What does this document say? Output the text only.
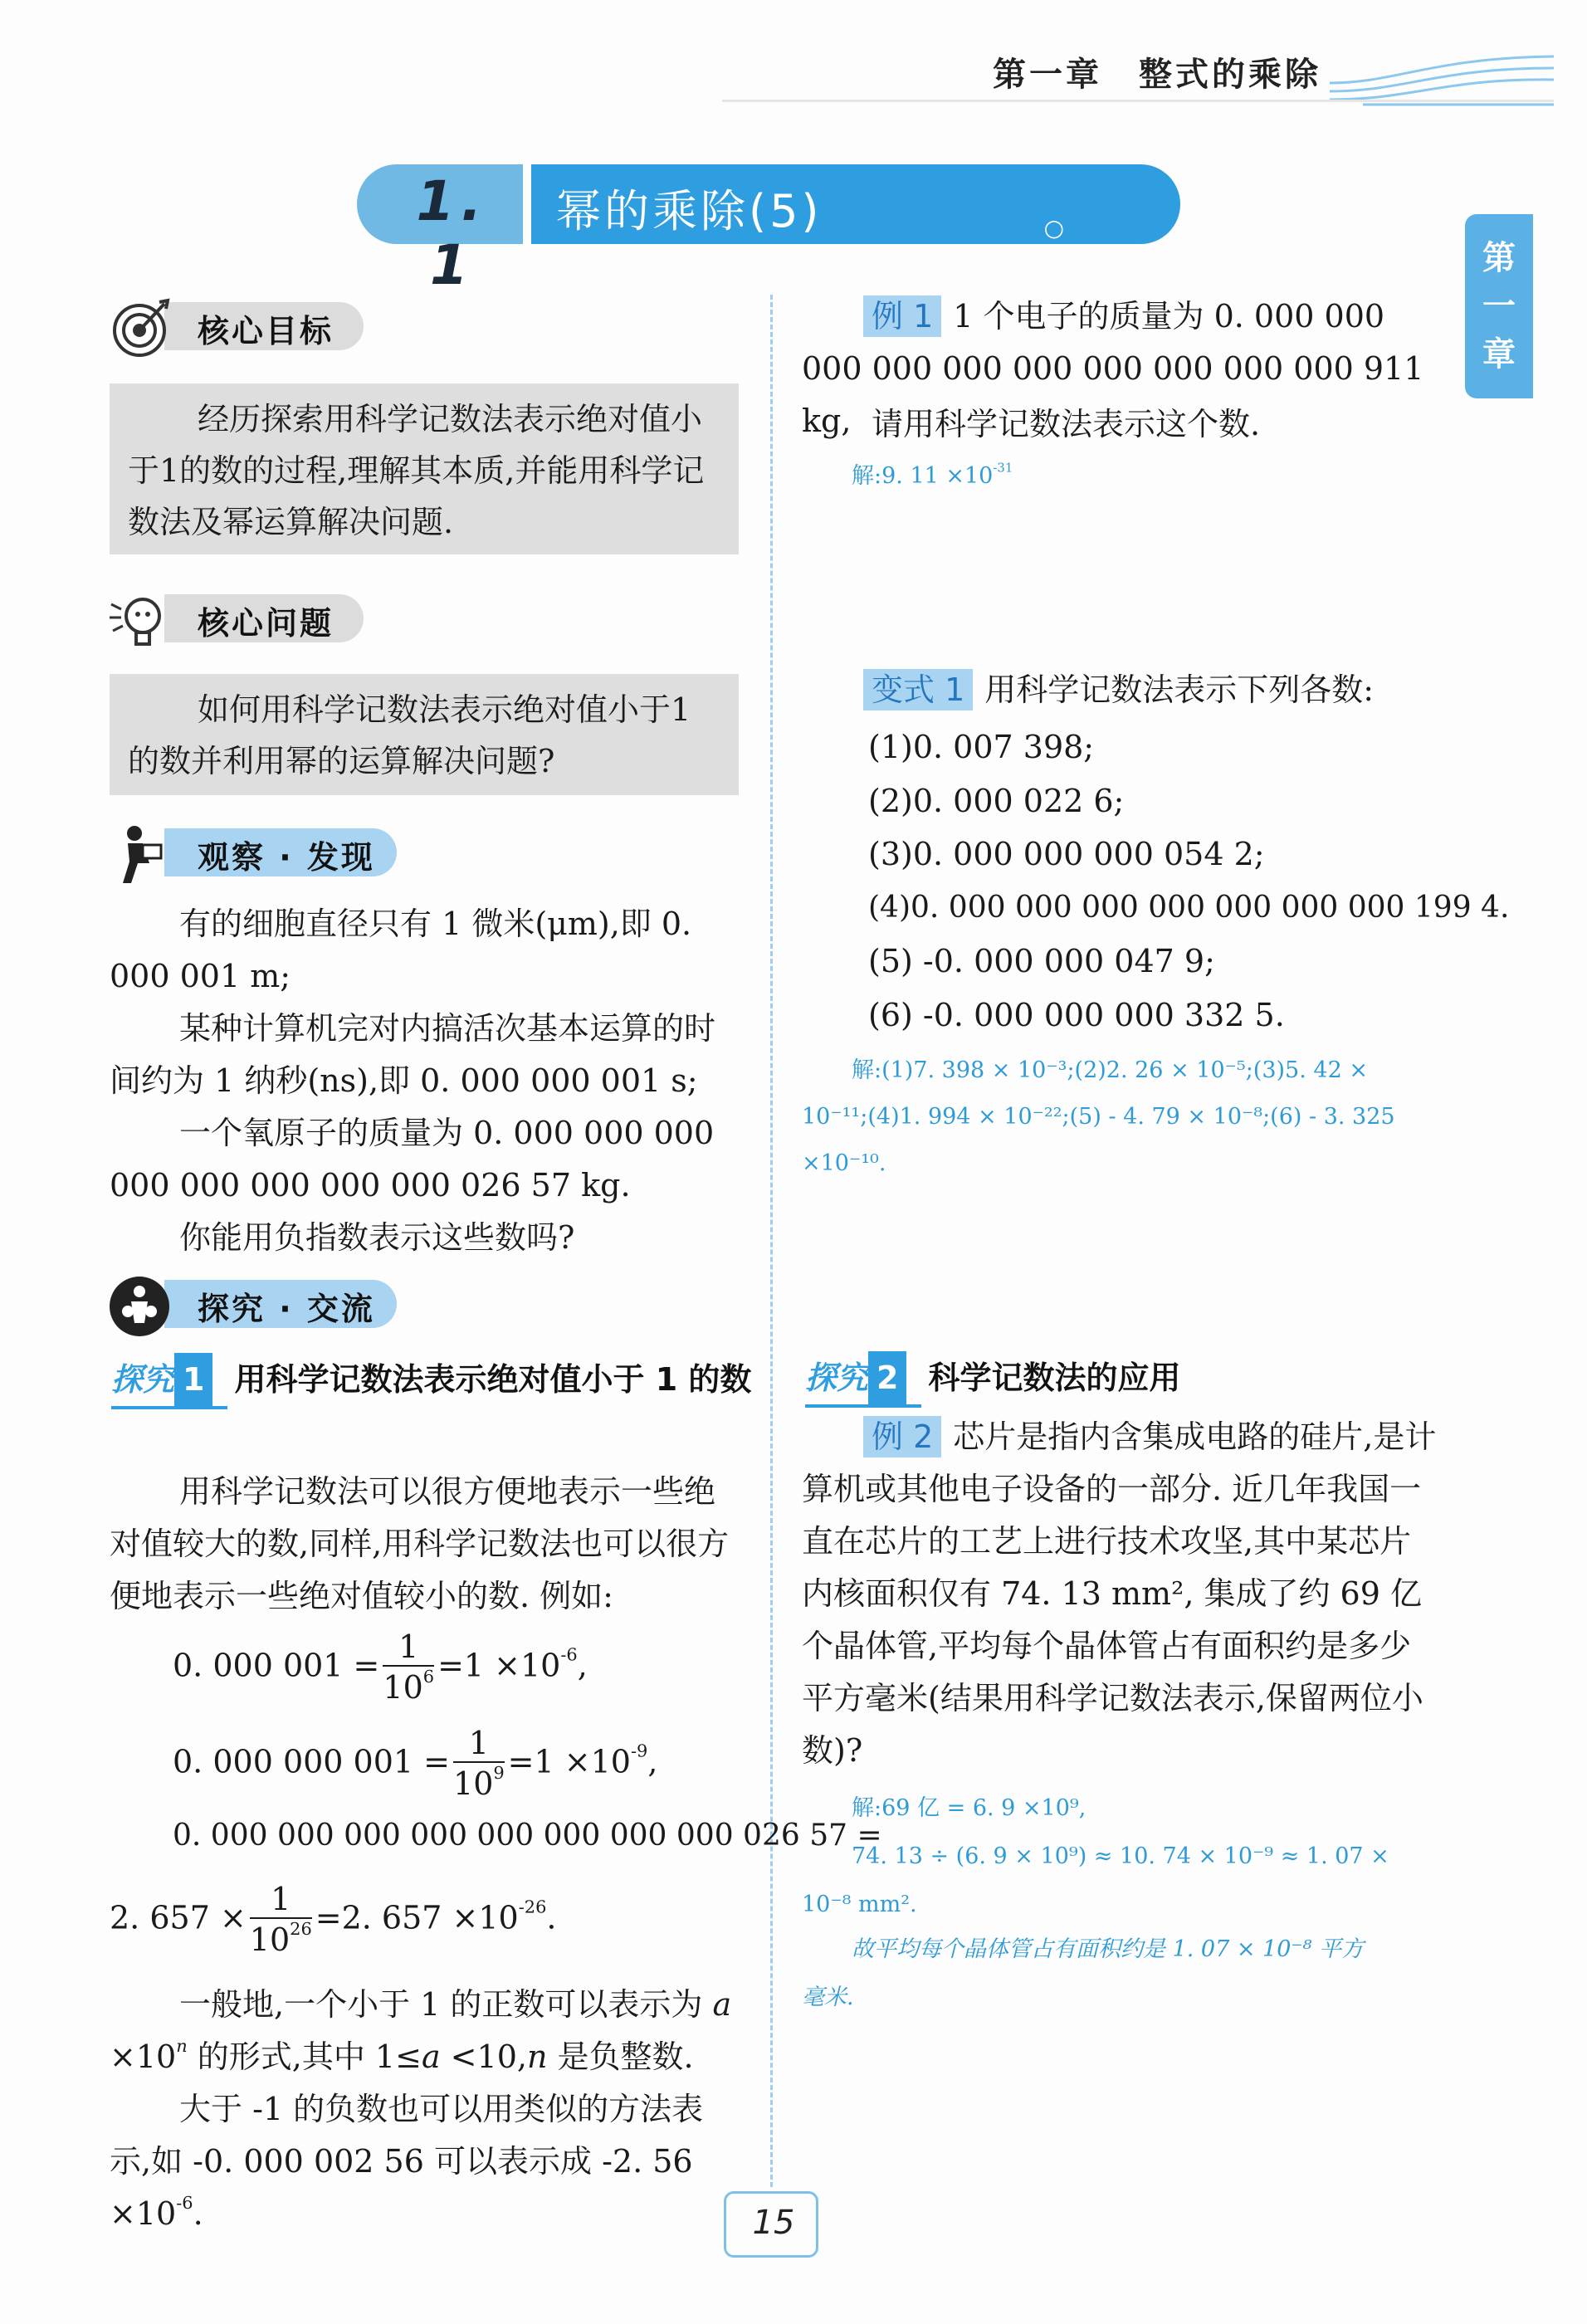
第一章　整式的乘除
第
一
章
1. 1
幂的乘除(5)	○
核心目标
经历探索用科学记数法表示绝对值小于1的数的过程,理解其本质,并能用科学记数法及幂运算解决问题.
核心问题
如何用科学记数法表示绝对值小于1的数并利用幂的运算解决问题?
观察 · 发现
有的细胞直径只有 1 微米(μm),即 0. 000 001 m;
某种计算机完对内搞活次基本运算的时间约为 1 纳秒(ns),即 0. 000 000 001 s;
一个氧原子的质量为 0. 000 000 000 000 000 000 000 000 026 57 kg.
你能用负指数表示这些数吗?
探究 · 交流
探究 1 用科学记数法表示绝对值小于 1 的数
用科学记数法可以很方便地表示一些绝对值较大的数,同样,用科学记数法也可以很方便地表示一些绝对值较小的数. 例如:
0. 000 $001 = \frac{1}{10^6} =1 \times 10^{-6}$,
0. 000 000 $001 = \frac{1}{10^9} =1 \times 10^{-9}$,
0. 000 000 000 000 000 000 000 000 026 57 =
2. $657 \times \frac{1}{10^{26}} =2$. $657 \times 10^{-26}$.
一般地,一个小于 1 的正数可以表示为 $a \times 10^n$ 的形式,其中 1≤a <10,n 是负整数.
大于 -1 的负数也可以用类似的方法表示,如 -0. 000 002 56 可以表示成 -2. $56 \times 10^{-6}$.
例 1 1 个电子的质量为 0. 000 000 000 000 000 000 000 000 000 000 911 kg, 请用科学记数法表示这个数.
解:9. $11 \times 10^{-31}$
变式 1 用科学记数法表示下列各数:
(1)0. 007 398;
(2)0. 000 022 6;
(3)0. 000 000 000 054 2;
(4)0. 000 000 000 000 000 000 000 199 4.
(5) -0. 000 000 047 9;
(6) -0. 000 000 000 332 5.
解:(1)7. 398 × 10⁻³;(2)2. 26 × 10⁻⁵;(3)5. 42 ×
10⁻¹¹;(4)1. 994 × 10⁻²²;(5) - 4. 79 × 10⁻⁸;(6) - 3. 325
×10⁻¹⁰.
探究 2 科学记数法的应用
例 2 芯片是指内含集成电路的硅片,是计算机或其他电子设备的一部分. 近几年我国一直在芯片的工艺上进行技术攻坚,其中某芯片内核面积仅有 74. 13 mm², 集成了约 69 亿个晶体管,平均每个晶体管占有面积约是多少平方毫米(结果用科学记数法表示,保留两位小数)?
解:69 亿 = 6. 9 ×10⁹,
74. 13 ÷ (6. 9 × 10⁹) ≈ 10. 74 × 10⁻⁹ ≈ 1. 07 ×
10⁻⁸ mm².
故平均每个晶体管占有面积约是 1. 07 × 10⁻⁸ 平方
毫米.
15
